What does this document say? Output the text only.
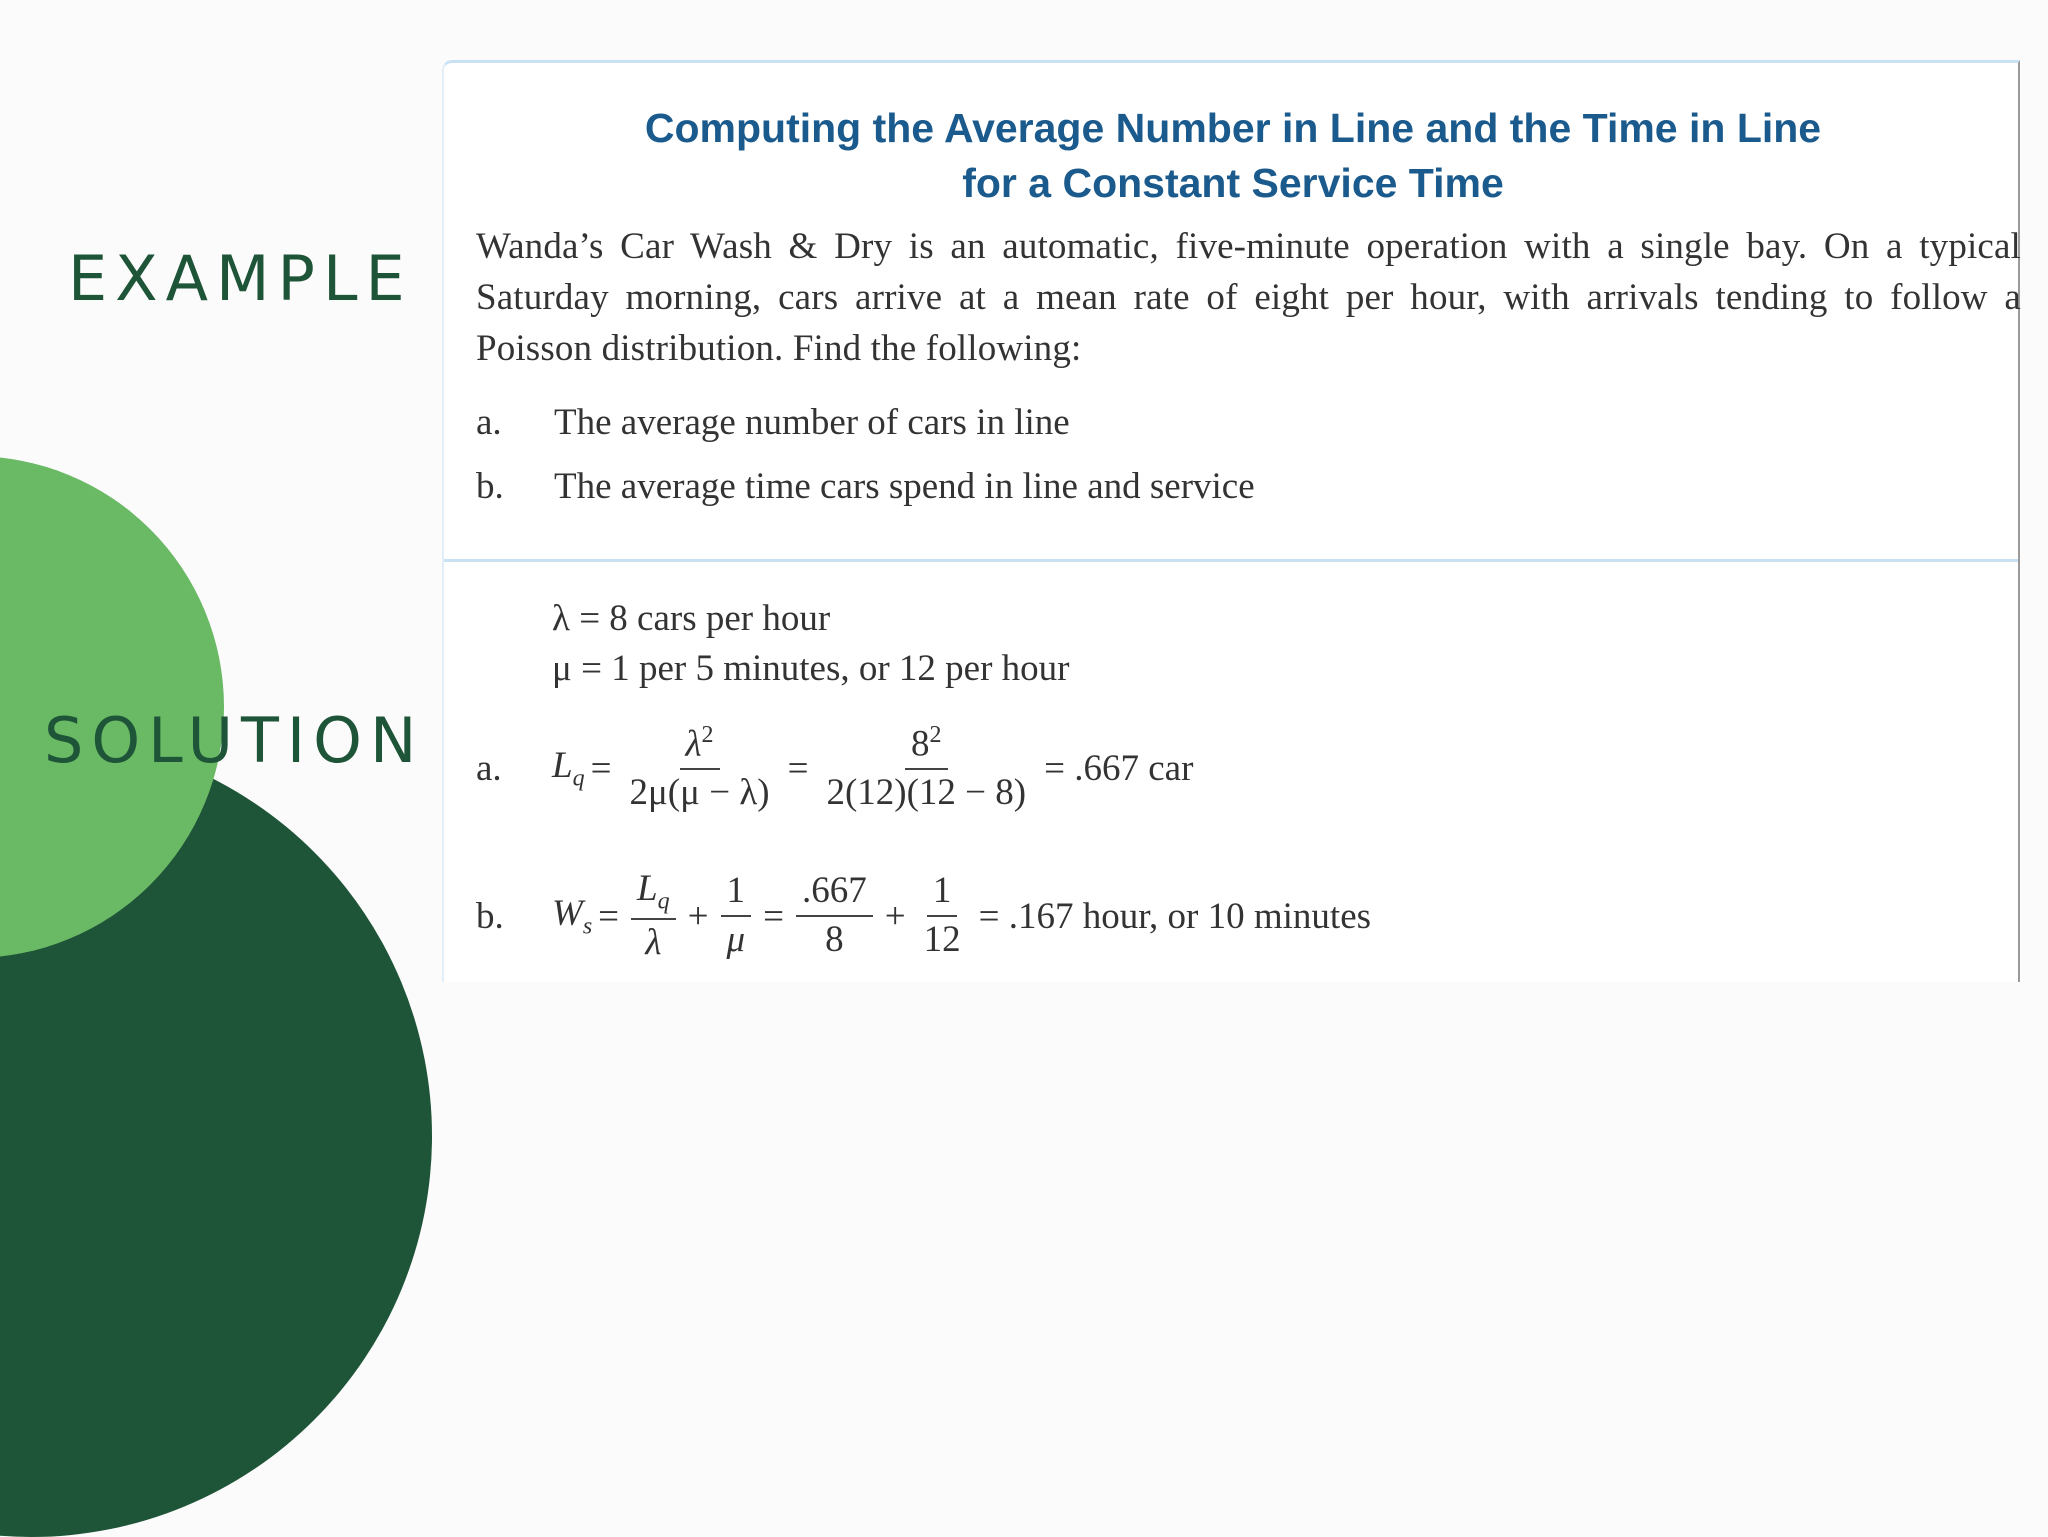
EXAMPLE
SOLUTION
Computing the Average Number in Line and the Time in Line
for a Constant Service Time
Wanda’s Car Wash & Dry is an automatic, five-minute operation with a single bay. On a typical Saturday morning, cars arrive at a mean rate of eight per hour, with arrivals tending to follow a Poisson distribution. Find the following:
a. The average number of cars in line
b. The average time cars spend in line and service
λ = 8 cars per hour
μ = 1 per 5 minutes, or 12 per hour
a.	$L_q = \frac{\lambda^2}{2\mu(\mu - \lambda)} = \frac{8^2}{2(12)(12 - 8)} = .667$ car
b.	$W_s = \frac{L_q}{\lambda} + \frac{1}{\mu} = \frac{.667}{8} + \frac{1}{12} = .167$ hour, or 10 minutes
